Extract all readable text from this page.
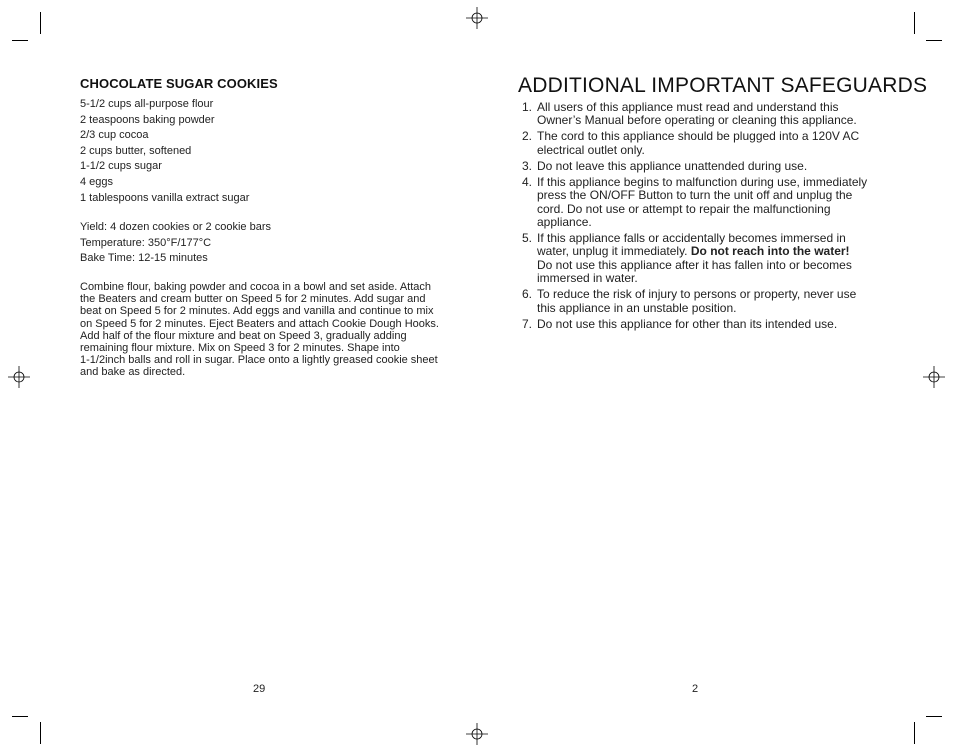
CHOCOLATE SUGAR COOKIES
5-1/2 cups all-purpose flour
2 teaspoons baking powder
2/3 cup cocoa
2 cups butter, softened
1-1/2 cups sugar
4 eggs
1 tablespoons vanilla extract sugar
Yield: 4 dozen cookies or 2 cookie bars
Temperature: 350°F/177°C
Bake Time: 12-15 minutes
Combine flour, baking powder and cocoa in a bowl and set aside. Attach
the Beaters and cream butter on Speed 5 for 2 minutes. Add sugar and
beat on Speed 5 for 2 minutes. Add eggs and vanilla and continue to mix
on Speed 5 for 2 minutes. Eject Beaters and attach Cookie Dough Hooks.
Add half of the flour mixture and beat on Speed 3, gradually adding
remaining flour mixture. Mix on Speed 3 for 2 minutes. Shape into
1-1/2inch balls and roll in sugar. Place onto a lightly greased cookie sheet
and bake as directed.
29
ADDITIONAL IMPORTANT SAFEGUARDS
1. All users of this appliance must read and understand this
Owner’s Manual before operating or cleaning this appliance.
2. The cord to this appliance should be plugged into a 120V AC
electrical outlet only.
3. Do not leave this appliance unattended during use.
4. If this appliance begins to malfunction during use, immediately
press the ON/OFF Button to turn the unit off and unplug the
cord. Do not use or attempt to repair the malfunctioning
appliance.
5. If this appliance falls or accidentally becomes immersed in
water, unplug it immediately. Do not reach into the water!
Do not use this appliance after it has fallen into or becomes
immersed in water.
6. To reduce the risk of injury to persons or property, never use
this appliance in an unstable position.
7. Do not use this appliance for other than its intended use.
2
